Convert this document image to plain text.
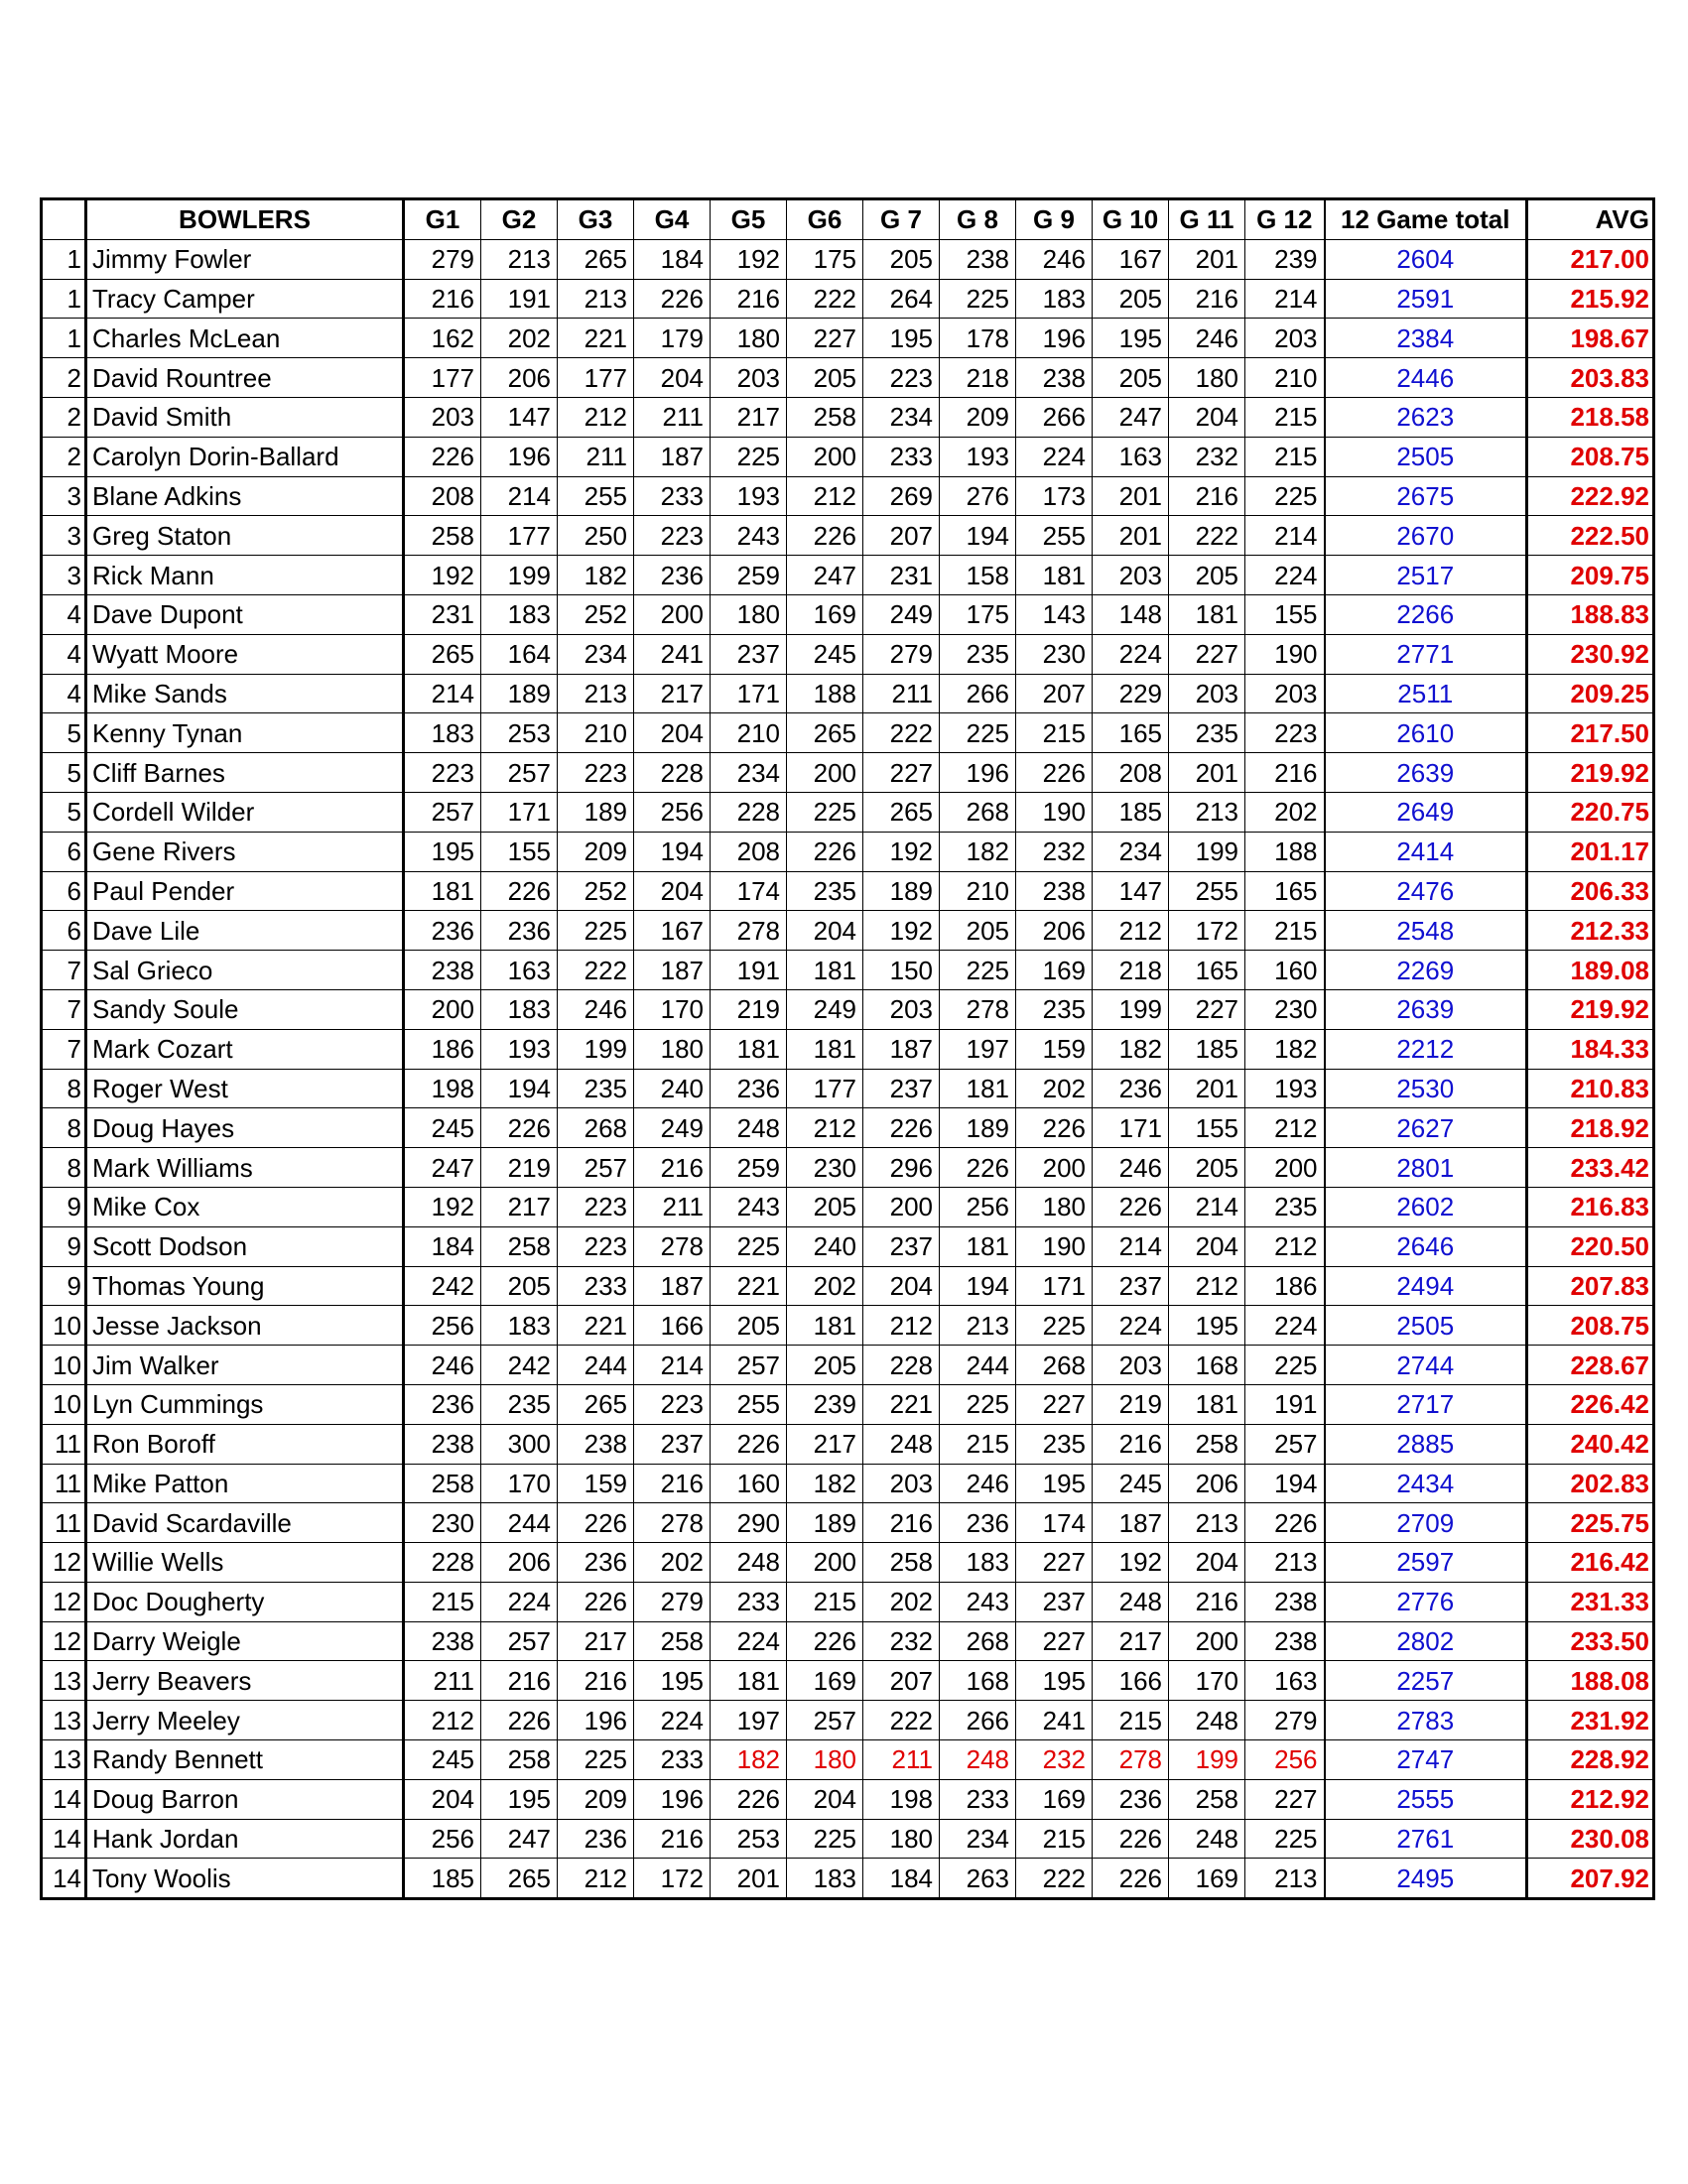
	BOWLERS	G1	G2	G3	G4	G5	G6	G 7	G 8	G 9	G 10	G 11	G 12	12 Game total	AVG
1	Jimmy Fowler	279	213	265	184	192	175	205	238	246	167	201	239	2604	217.00
1	Tracy Camper	216	191	213	226	216	222	264	225	183	205	216	214	2591	215.92
1	Charles McLean	162	202	221	179	180	227	195	178	196	195	246	203	2384	198.67
2	David Rountree	177	206	177	204	203	205	223	218	238	205	180	210	2446	203.83
2	David Smith	203	147	212	211	217	258	234	209	266	247	204	215	2623	218.58
2	Carolyn Dorin-Ballard	226	196	211	187	225	200	233	193	224	163	232	215	2505	208.75
3	Blane Adkins	208	214	255	233	193	212	269	276	173	201	216	225	2675	222.92
3	Greg Staton	258	177	250	223	243	226	207	194	255	201	222	214	2670	222.50
3	Rick Mann	192	199	182	236	259	247	231	158	181	203	205	224	2517	209.75
4	Dave Dupont	231	183	252	200	180	169	249	175	143	148	181	155	2266	188.83
4	Wyatt Moore	265	164	234	241	237	245	279	235	230	224	227	190	2771	230.92
4	Mike Sands	214	189	213	217	171	188	211	266	207	229	203	203	2511	209.25
5	Kenny Tynan	183	253	210	204	210	265	222	225	215	165	235	223	2610	217.50
5	Cliff Barnes	223	257	223	228	234	200	227	196	226	208	201	216	2639	219.92
5	Cordell Wilder	257	171	189	256	228	225	265	268	190	185	213	202	2649	220.75
6	Gene Rivers	195	155	209	194	208	226	192	182	232	234	199	188	2414	201.17
6	Paul Pender	181	226	252	204	174	235	189	210	238	147	255	165	2476	206.33
6	Dave Lile	236	236	225	167	278	204	192	205	206	212	172	215	2548	212.33
7	Sal Grieco	238	163	222	187	191	181	150	225	169	218	165	160	2269	189.08
7	Sandy Soule	200	183	246	170	219	249	203	278	235	199	227	230	2639	219.92
7	Mark Cozart	186	193	199	180	181	181	187	197	159	182	185	182	2212	184.33
8	Roger West	198	194	235	240	236	177	237	181	202	236	201	193	2530	210.83
8	Doug Hayes	245	226	268	249	248	212	226	189	226	171	155	212	2627	218.92
8	Mark Williams	247	219	257	216	259	230	296	226	200	246	205	200	2801	233.42
9	Mike Cox	192	217	223	211	243	205	200	256	180	226	214	235	2602	216.83
9	Scott Dodson	184	258	223	278	225	240	237	181	190	214	204	212	2646	220.50
9	Thomas Young	242	205	233	187	221	202	204	194	171	237	212	186	2494	207.83
10	Jesse Jackson	256	183	221	166	205	181	212	213	225	224	195	224	2505	208.75
10	Jim Walker	246	242	244	214	257	205	228	244	268	203	168	225	2744	228.67
10	Lyn Cummings	236	235	265	223	255	239	221	225	227	219	181	191	2717	226.42
11	Ron Boroff	238	300	238	237	226	217	248	215	235	216	258	257	2885	240.42
11	Mike Patton	258	170	159	216	160	182	203	246	195	245	206	194	2434	202.83
11	David Scardaville	230	244	226	278	290	189	216	236	174	187	213	226	2709	225.75
12	Willie Wells	228	206	236	202	248	200	258	183	227	192	204	213	2597	216.42
12	Doc Dougherty	215	224	226	279	233	215	202	243	237	248	216	238	2776	231.33
12	Darry Weigle	238	257	217	258	224	226	232	268	227	217	200	238	2802	233.50
13	Jerry Beavers	211	216	216	195	181	169	207	168	195	166	170	163	2257	188.08
13	Jerry Meeley	212	226	196	224	197	257	222	266	241	215	248	279	2783	231.92
13	Randy Bennett	245	258	225	233	182	180	211	248	232	278	199	256	2747	228.92
14	Doug Barron	204	195	209	196	226	204	198	233	169	236	258	227	2555	212.92
14	Hank Jordan	256	247	236	216	253	225	180	234	215	226	248	225	2761	230.08
14	Tony Woolis	185	265	212	172	201	183	184	263	222	226	169	213	2495	207.92
